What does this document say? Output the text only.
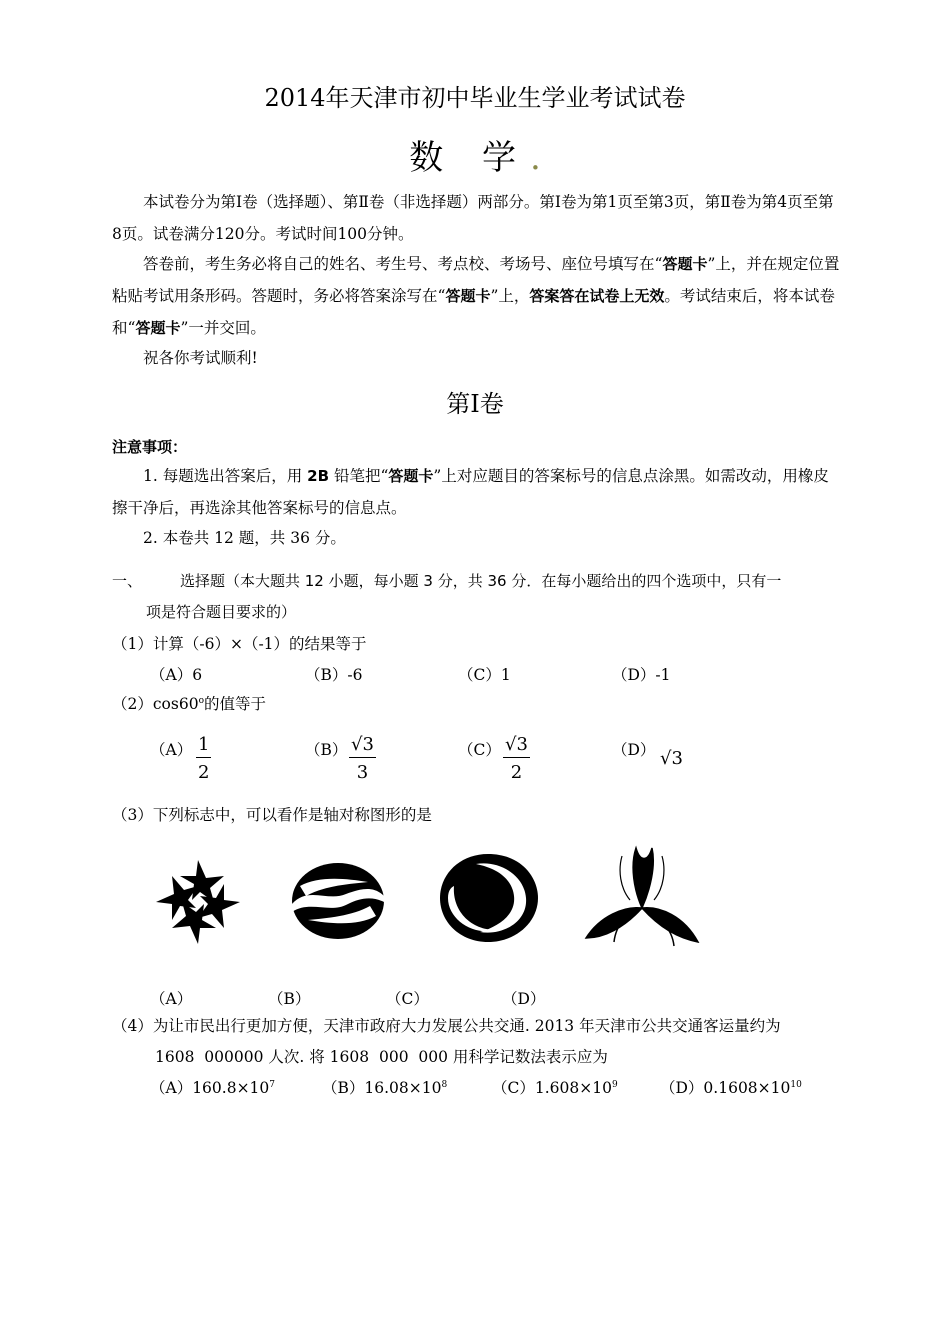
2014年天津市初中毕业生学业考试试卷
数 学.
本试卷分为第Ⅰ卷（选择题）、第Ⅱ卷（非选择题）两部分。第Ⅰ卷为第1页至第3页，第Ⅱ卷为第4页至第8页。试卷满分120分。考试时间100分钟。
答卷前，考生务必将自己的姓名、考生号、考点校、考场号、座位号填写在“答题卡”上，并在规定位置粘贴考试用条形码。答题时，务必将答案涂写在“答题卡”上，答案答在试卷上无效。考试结束后，将本试卷和“答题卡”一并交回。
祝各你考试顺利!
第Ⅰ卷
注意事项：
1. 每题选出答案后，用 2B 铅笔把“答题卡”上对应题目的答案标号的信息点涂黑。如需改动，用橡皮擦干净后，再选涂其他答案标号的信息点。
2. 本卷共 12 题，共 36 分。
一、	选择题（本大题共 12 小题，每小题 3 分，共 36 分．在每小题给出的四个选项中，只有一
项是符合题目要求的）
（1）计算（-6）×（-1）的结果等于
（A）6	（B）-6	（C）1	（D）-1
（2）cos60$^o$的值等于
$(A) \frac{1}{2}$	$(B) \frac{√3}{3}$	$(C) \frac{√3}{2}$	（D） √3
（3）下列标志中，可以看作是轴对称图形的是
（A）	（B）	（C）	（D）
（4）为让市民出行更加方便，天津市政府大力发展公共交通. 2013 年天津市公共交通客运量约为
1608  000000 人次. 将 1608  000  000 用科学记数法表示应为
$(A)160.8\times 10^7$	$(B)16.08\times 10^8$	$(C)1.608\times 10^9$	$(D)0.1608\times 10^{10}$
